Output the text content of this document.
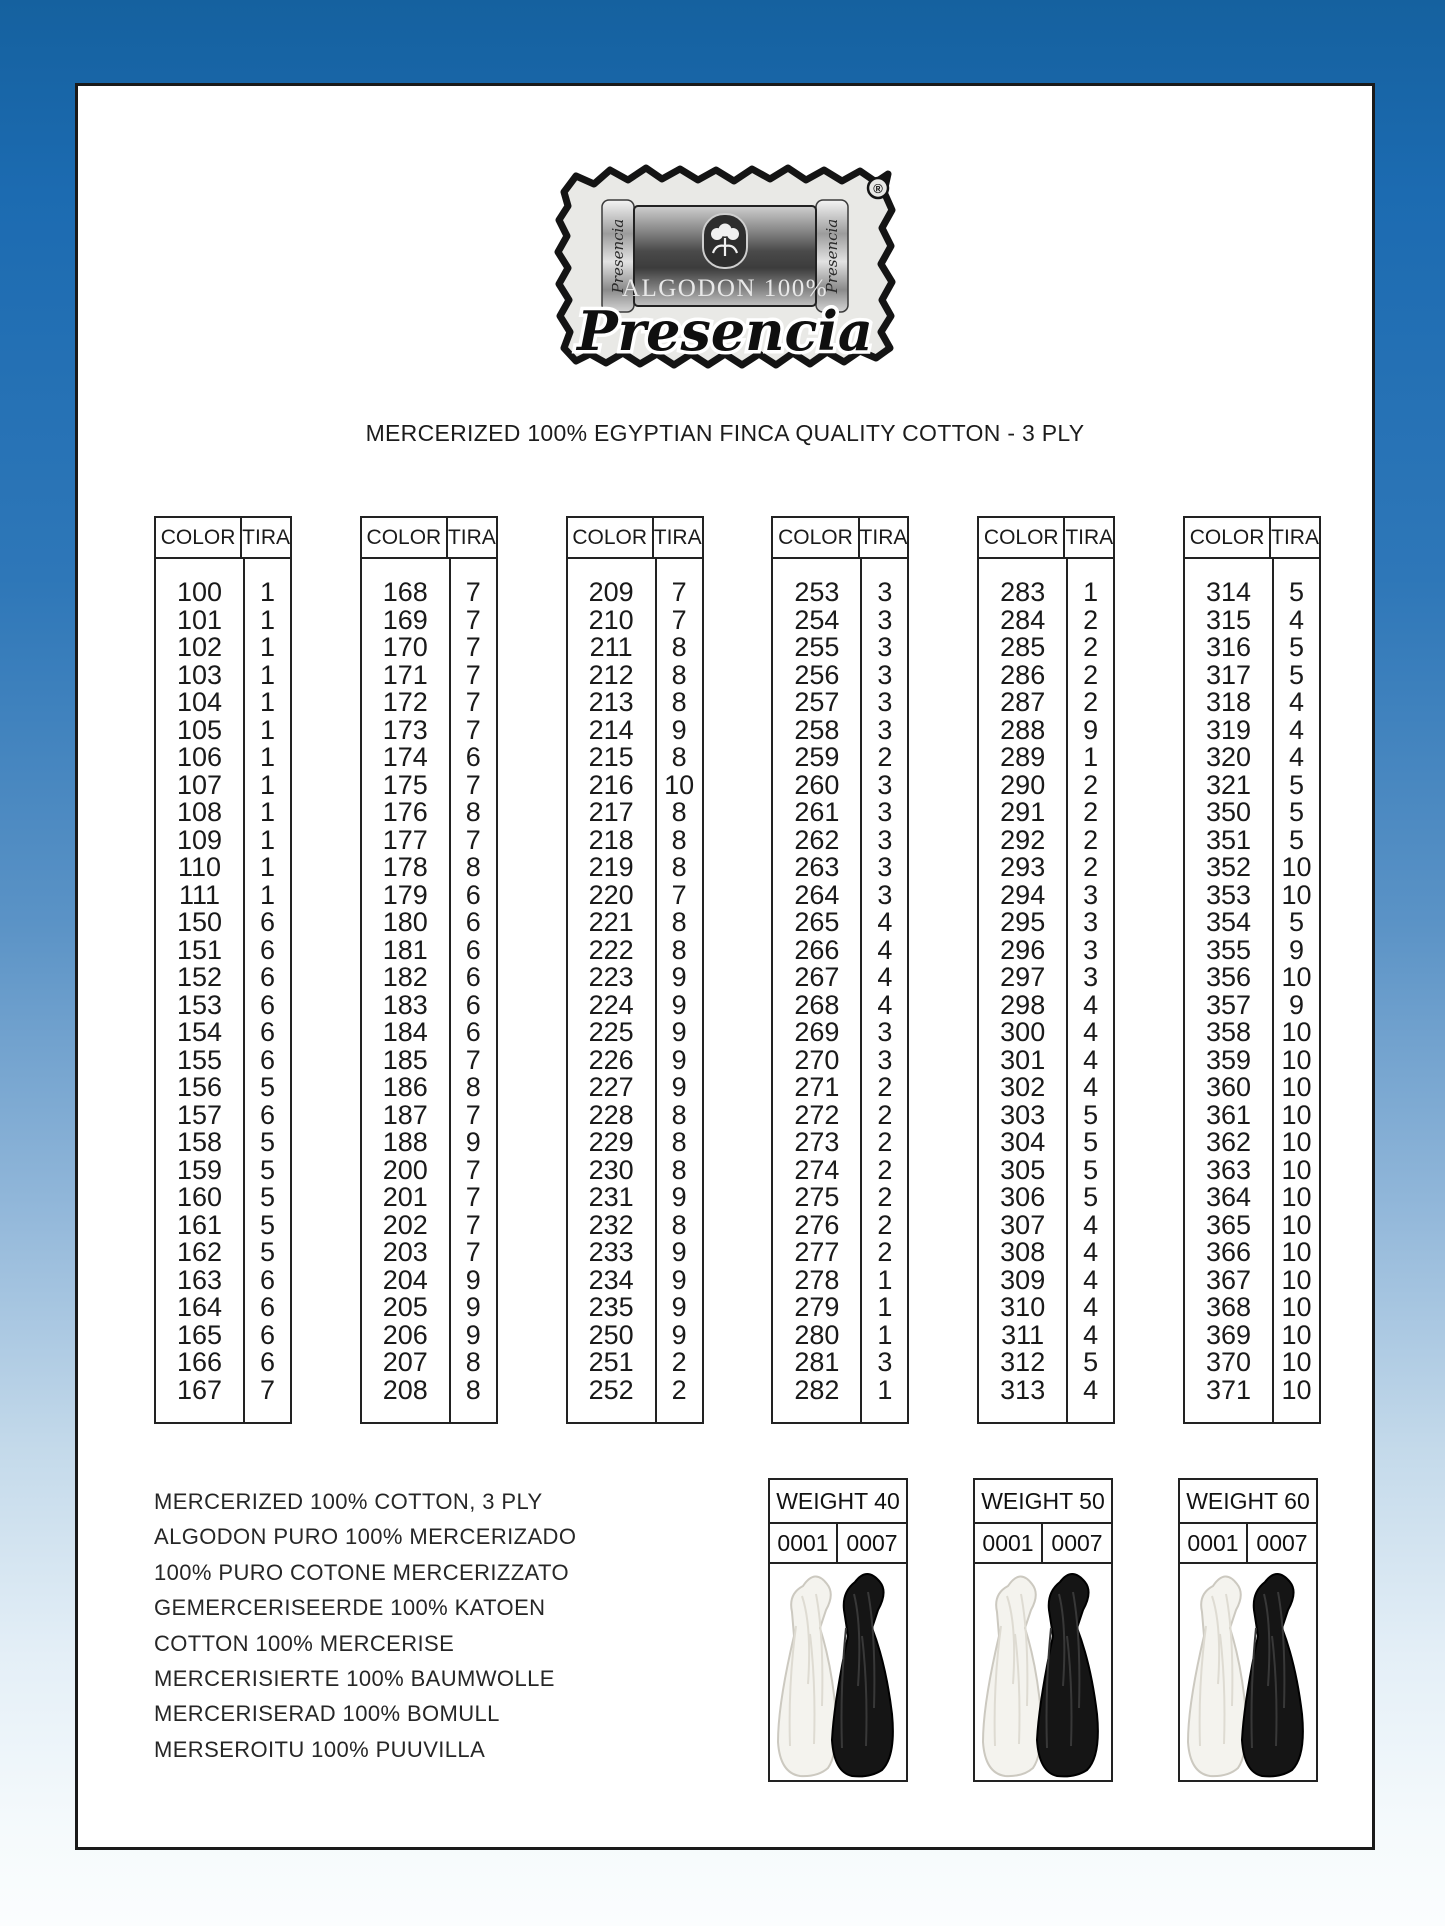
®
Presencia	Presencia
ALGODON 100%
Presencia
MERCERIZED 100% EGYPTIAN FINCA QUALITY COTTON - 3 PLY
COLOR TIRA
100
101
102
103
104
105
106
107
108
109
110
111
150
151
152
153
154
155
156
157
158
159
160
161
162
163
164
165
166
167
1
1
1
1
1
1
1
1
1
1
1
1
6
6
6
6
6
6
5
6
5
5
5
5
5
6
6
6
6
7
COLOR TIRA
168
169
170
171
172
173
174
175
176
177
178
179
180
181
182
183
184
185
186
187
188
200
201
202
203
204
205
206
207
208
7
7
7
7
7
7
6
7
8
7
8
6
6
6
6
6
6
7
8
7
9
7
7
7
7
9
9
9
8
8
COLOR TIRA
209
210
211
212
213
214
215
216
217
218
219
220
221
222
223
224
225
226
227
228
229
230
231
232
233
234
235
250
251
252
7
7
8
8
8
9
8
10
8
8
8
7
8
8
9
9
9
9
9
8
8
8
9
8
9
9
9
9
2
2
COLOR TIRA
253
254
255
256
257
258
259
260
261
262
263
264
265
266
267
268
269
270
271
272
273
274
275
276
277
278
279
280
281
282
3
3
3
3
3
3
2
3
3
3
3
3
4
4
4
4
3
3
2
2
2
2
2
2
2
1
1
1
3
1
COLOR TIRA
283
284
285
286
287
288
289
290
291
292
293
294
295
296
297
298
300
301
302
303
304
305
306
307
308
309
310
311
312
313
1
2
2
2
2
9
1
2
2
2
2
3
3
3
3
4
4
4
4
5
5
5
5
4
4
4
4
4
5
4
COLOR TIRA
314
315
316
317
318
319
320
321
350
351
352
353
354
355
356
357
358
359
360
361
362
363
364
365
366
367
368
369
370
371
5
4
5
5
4
4
4
5
5
5
10
10
5
9
10
9
10
10
10
10
10
10
10
10
10
10
10
10
10
10
MERCERIZED 100% COTTON, 3 PLY
ALGODON PURO 100% MERCERIZADO
100% PURO COTONE MERCERIZZATO
GEMERCERISEERDE 100% KATOEN
COTTON 100% MERCERISE
MERCERISIERTE 100% BAUMWOLLE
MERCERISERAD 100% BOMULL
MERSEROITU 100% PUUVILLA
WEIGHT 40
0001 0007
WEIGHT 50
0001 0007
WEIGHT 60
0001 0007
